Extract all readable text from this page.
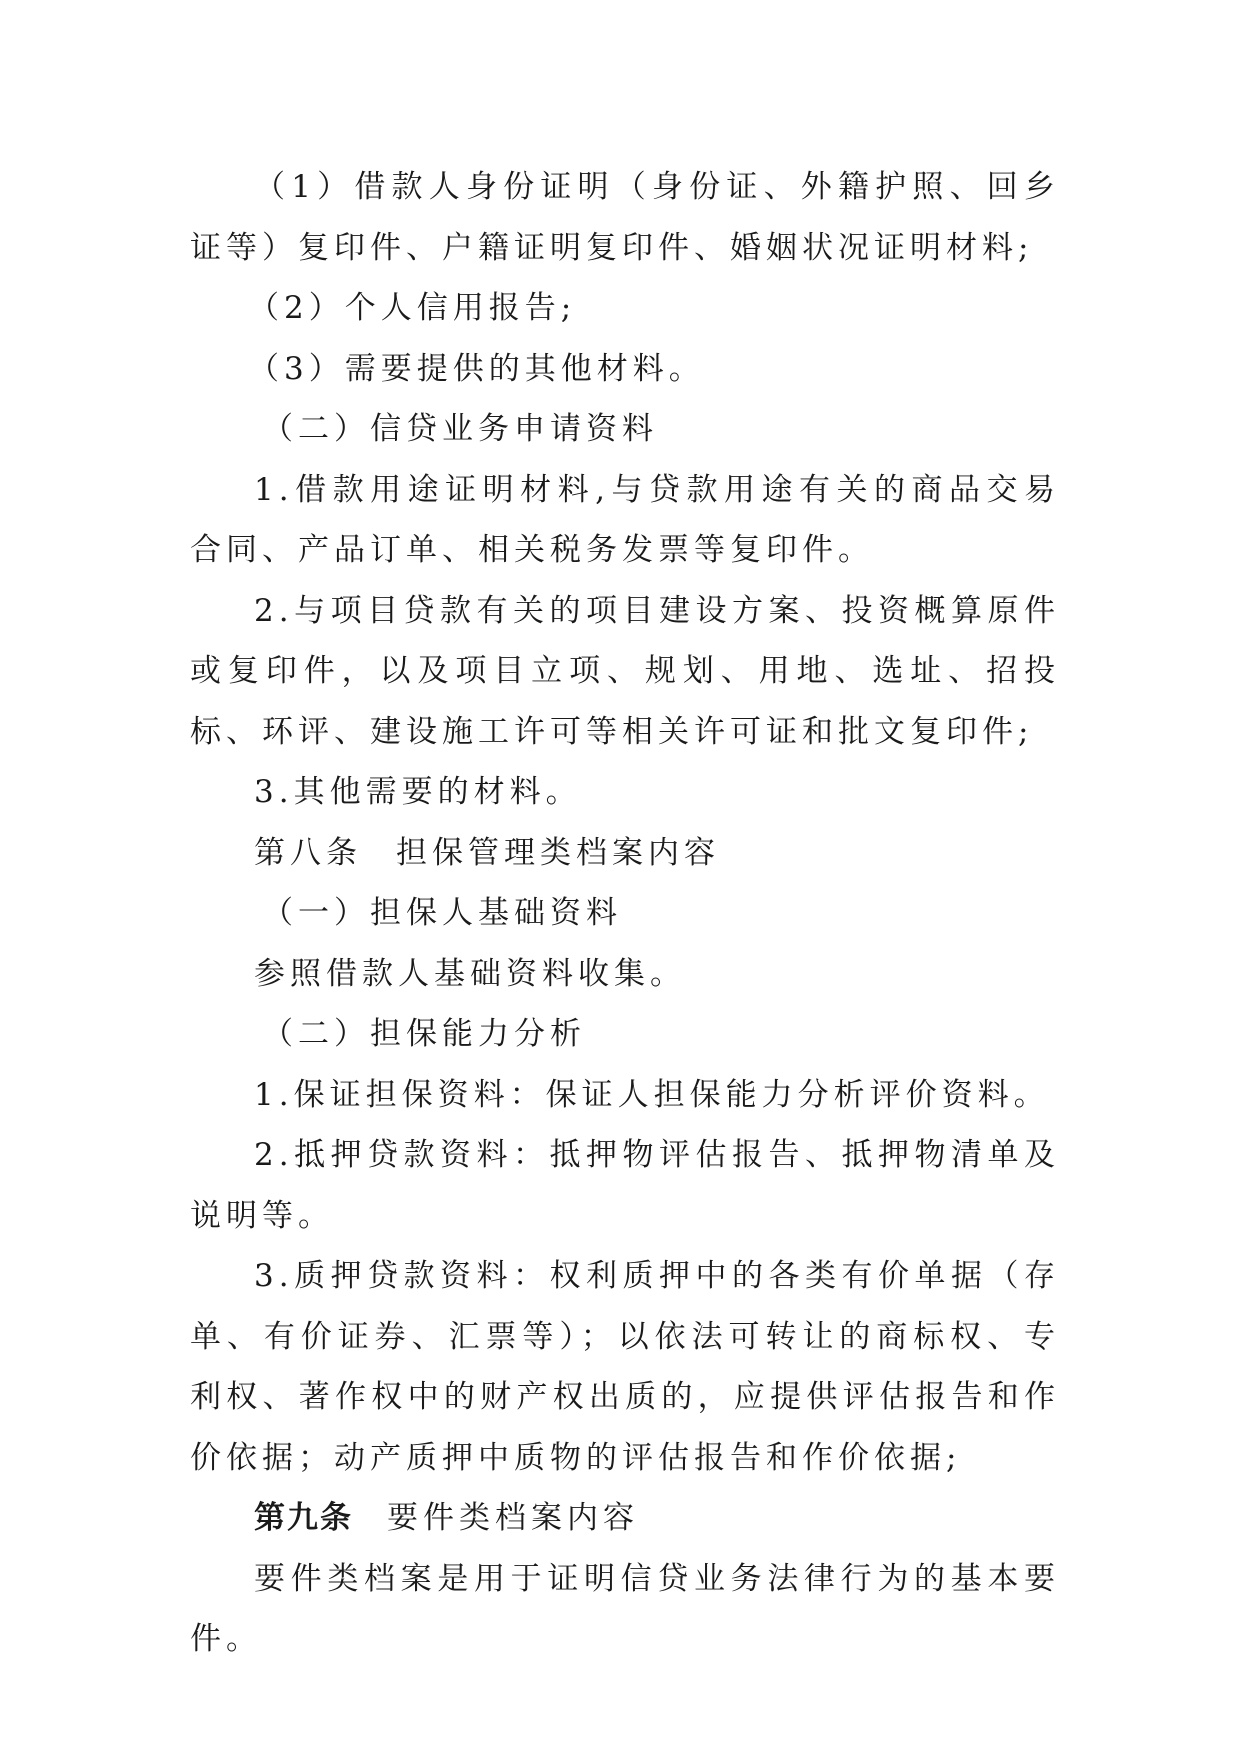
（1）借款人身份证明（身份证、外籍护照、回乡证等）复印件、户籍证明复印件、婚姻状况证明材料;

（2）个人信用报告;

（3）需要提供的其他材料。

（二）信贷业务申请资料

1.借款用途证明材料,与贷款用途有关的商品交易合同、产品订单、相关税务发票等复印件。

2.与项目贷款有关的项目建设方案、投资概算原件或复印件，以及项目立项、规划、用地、选址、招投标、环评、建设施工许可等相关许可证和批文复印件;

3.其他需要的材料。

第八条 担保管理类档案内容

（一）担保人基础资料

参照借款人基础资料收集。

（二）担保能力分析

1.保证担保资料：保证人担保能力分析评价资料。

2.抵押贷款资料：抵押物评估报告、抵押物清单及说明等。

3.质押贷款资料：权利质押中的各类有价单据（存单、有价证券、汇票等）；以依法可转让的商标权、专利权、著作权中的财产权出质的，应提供评估报告和作价依据；动产质押中质物的评估报告和作价依据;

第九条 要件类档案内容

要件类档案是用于证明信贷业务法律行为的基本要件。
